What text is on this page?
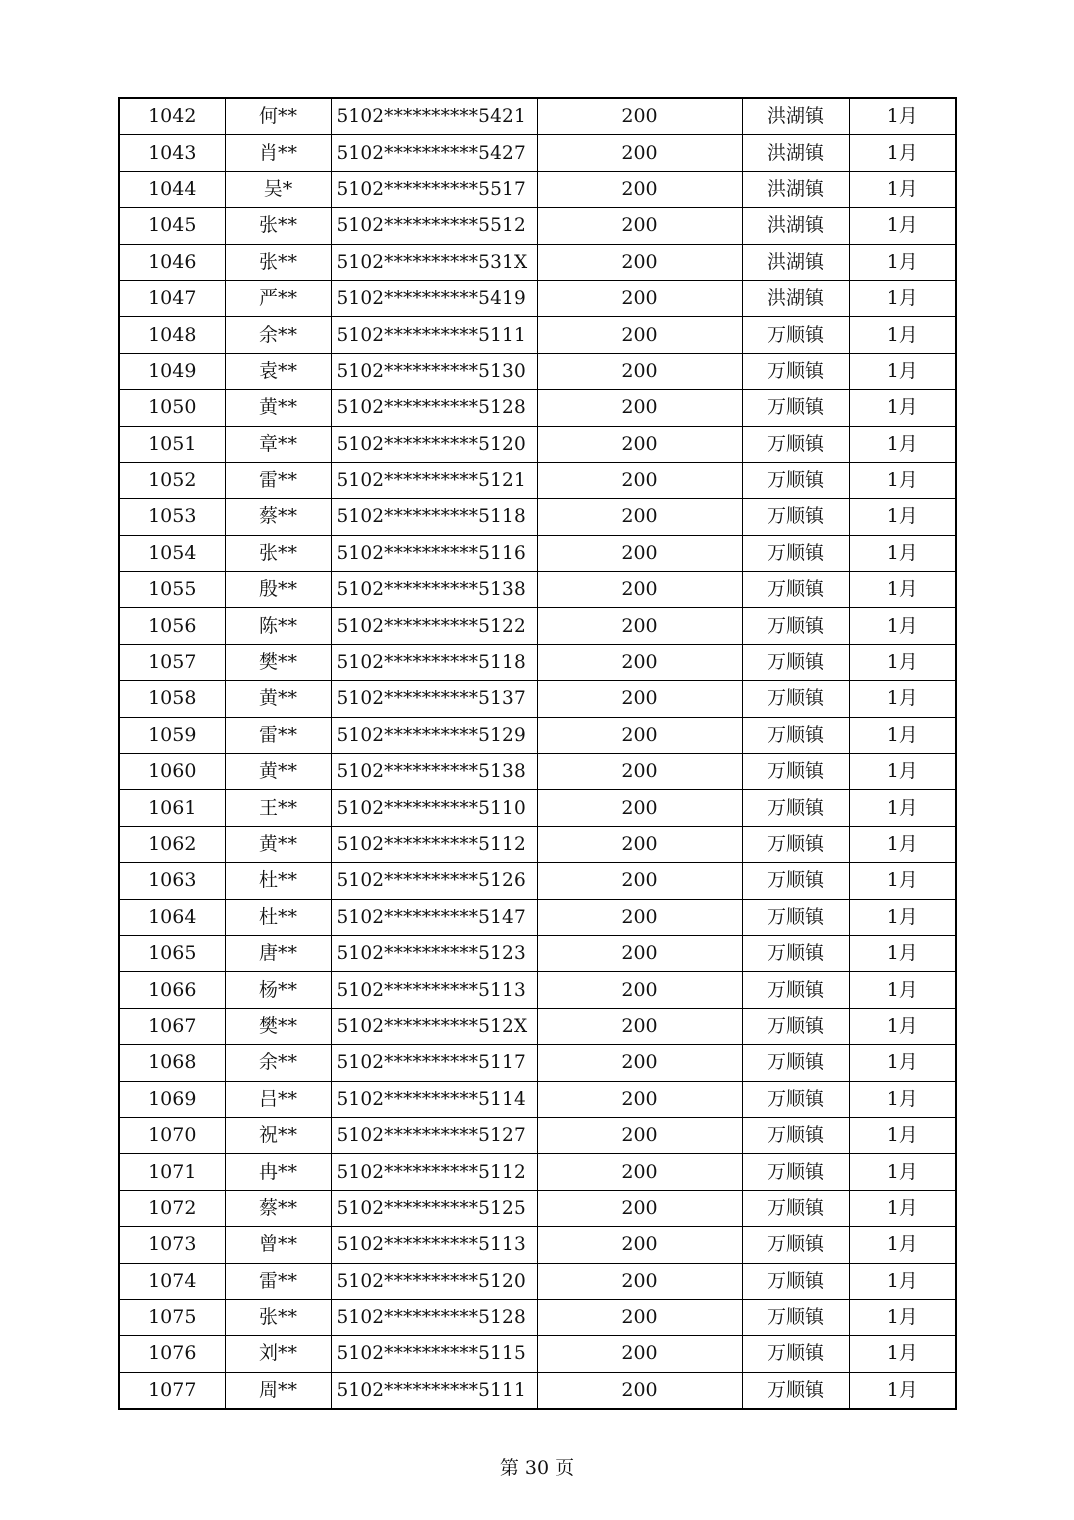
1042	何**	5102**********5421	200	洪湖镇	1月
1043	肖**	5102**********5427	200	洪湖镇	1月
1044	吴*	5102**********5517	200	洪湖镇	1月
1045	张**	5102**********5512	200	洪湖镇	1月
1046	张**	5102**********531X	200	洪湖镇	1月
1047	严**	5102**********5419	200	洪湖镇	1月
1048	余**	5102**********5111	200	万顺镇	1月
1049	袁**	5102**********5130	200	万顺镇	1月
1050	黄**	5102**********5128	200	万顺镇	1月
1051	章**	5102**********5120	200	万顺镇	1月
1052	雷**	5102**********5121	200	万顺镇	1月
1053	蔡**	5102**********5118	200	万顺镇	1月
1054	张**	5102**********5116	200	万顺镇	1月
1055	殷**	5102**********5138	200	万顺镇	1月
1056	陈**	5102**********5122	200	万顺镇	1月
1057	樊**	5102**********5118	200	万顺镇	1月
1058	黄**	5102**********5137	200	万顺镇	1月
1059	雷**	5102**********5129	200	万顺镇	1月
1060	黄**	5102**********5138	200	万顺镇	1月
1061	王**	5102**********5110	200	万顺镇	1月
1062	黄**	5102**********5112	200	万顺镇	1月
1063	杜**	5102**********5126	200	万顺镇	1月
1064	杜**	5102**********5147	200	万顺镇	1月
1065	唐**	5102**********5123	200	万顺镇	1月
1066	杨**	5102**********5113	200	万顺镇	1月
1067	樊**	5102**********512X	200	万顺镇	1月
1068	余**	5102**********5117	200	万顺镇	1月
1069	吕**	5102**********5114	200	万顺镇	1月
1070	祝**	5102**********5127	200	万顺镇	1月
1071	冉**	5102**********5112	200	万顺镇	1月
1072	蔡**	5102**********5125	200	万顺镇	1月
1073	曾**	5102**********5113	200	万顺镇	1月
1074	雷**	5102**********5120	200	万顺镇	1月
1075	张**	5102**********5128	200	万顺镇	1月
1076	刘**	5102**********5115	200	万顺镇	1月
1077	周**	5102**********5111	200	万顺镇	1月
第 30 页
